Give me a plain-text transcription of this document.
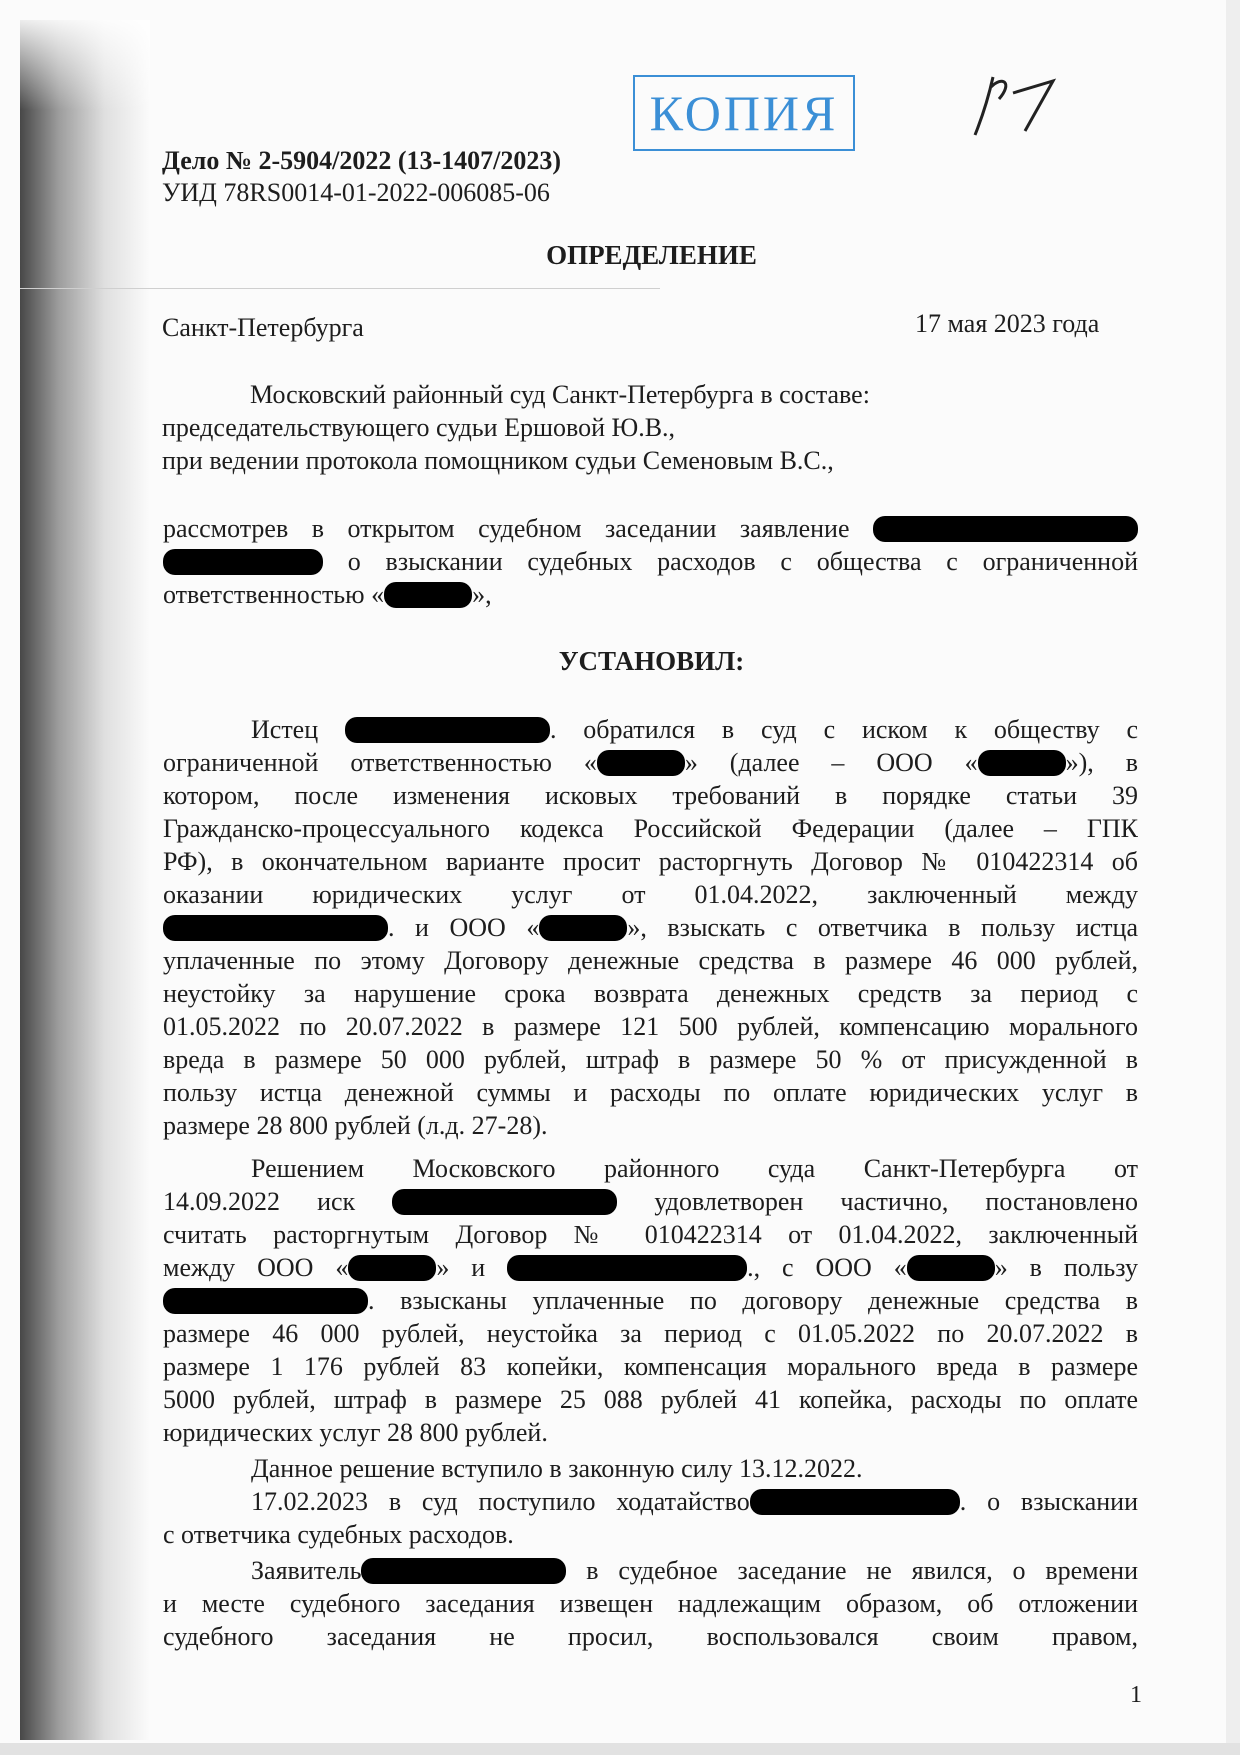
КОПИЯ
Дело № 2-5904/2022 (13-1407/2023)
УИД 78RS0014-01-2022-006085-06
ОПРЕДЕЛЕНИЕ
Санкт-Петербурга	17 мая 2023 года
Московский районный суд Санкт-Петербурга в составе:
председательствующего судьи Ершовой Ю.В.,
при ведении протокола помощником судьи Семеновым В.С.,
рассмотрев в открытом судебном заседании заявление
о взыскании судебных расходов с общества с ограниченной
ответственностью «	»,
УСТАНОВИЛ:
Истец	. обратился в суд с иском к обществу с
ограниченной ответственностью «	» (далее – ООО «	»), в
котором, после изменения исковых требований в порядке статьи 39
Гражданско-процессуального кодекса Российской Федерации (далее – ГПК
РФ), в окончательном варианте просит расторгнуть Договор № 010422314 об
оказании юридических услуг от 01.04.2022, заключенный между
. и ООО «	», взыскать с ответчика в пользу истца
уплаченные по этому Договору денежные средства в размере 46 000 рублей,
неустойку за нарушение срока возврата денежных средств за период с
01.05.2022 по 20.07.2022 в размере 121 500 рублей, компенсацию морального
вреда в размере 50 000 рублей, штраф в размере 50 % от присужденной в
пользу истца денежной суммы и расходы по оплате юридических услуг в
размере 28 800 рублей (л.д. 27-28).
Решением Московского районного суда Санкт-Петербурга от
14.09.2022 иск	удовлетворен частично, постановлено
считать расторгнутым Договор № 010422314 от 01.04.2022, заключенный
между ООО «	» и	., с ООО «	» в пользу
. взысканы уплаченные по договору денежные средства в
размере 46 000 рублей, неустойка за период с 01.05.2022 по 20.07.2022 в
размере 1 176 рублей 83 копейки, компенсация морального вреда в размере
5000 рублей, штраф в размере 25 088 рублей 41 копейка, расходы по оплате
юридических услуг 28 800 рублей.
Данное решение вступило в законную силу 13.12.2022.
17.02.2023 в суд поступило ходатайство	. о взыскании
с ответчика судебных расходов.
Заявитель	в судебное заседание не явился, о времени
и месте судебного заседания извещен надлежащим образом, об отложении
судебного заседания не просил, воспользовался своим правом,
1
